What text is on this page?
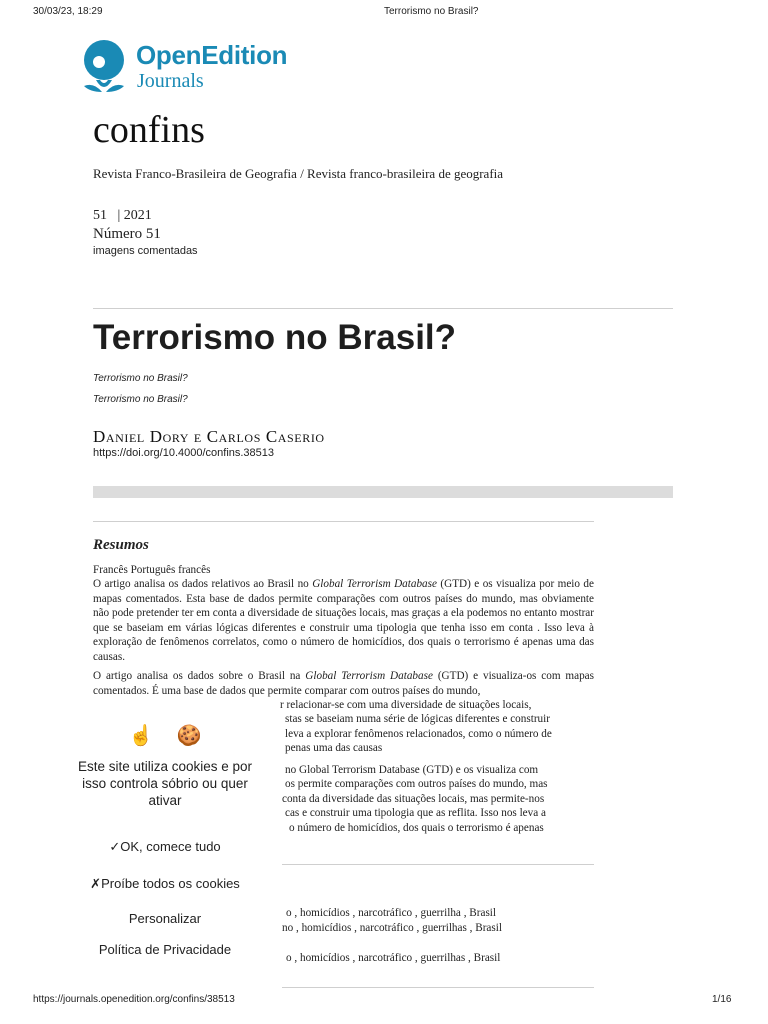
30/03/23, 18:29	Terrorismo no Brasil?
OpenEdition
Journals
confins
Revista Franco-Brasileira de Geografia / Revista franco-brasileira de geografia
51   | 2021
Número 51
imagens comentadas
Terrorismo no Brasil?
Terrorismo no Brasil?
Terrorismo no Brasil?
Daniel Dory e Carlos Caserio
https://doi.org/10.4000/confins.38513
Resumos
Francês Português francês
O artigo analisa os dados relativos ao Brasil no Global Terrorism Database (GTD) e os visualiza por meio de mapas comentados. Esta base de dados permite comparações com outros países do mundo, mas obviamente não pode pretender ter em conta a diversidade de situações locais, mas graças a ela podemos no entanto mostrar que se baseiam em várias lógicas diferentes e construir uma tipologia que tenha isso em conta . Isso leva à exploração de fenômenos correlatos, como o número de homicídios, dos quais o terrorismo é apenas uma das causas.
O artigo analisa os dados sobre o Brasil na Global Terrorism Database (GTD) e visualiza-os com mapas comentados. É uma base de dados que permite comparar com outros países do mundo,
r relacionar-se com uma diversidade de situações locais,
stas se baseiam numa série de lógicas diferentes e construir
leva a explorar fenômenos relacionados, como o número de
penas uma das causas
no Global Terrorism Database (GTD) e os visualiza com
os permite comparações com outros países do mundo, mas
conta da diversidade das situações locais, mas permite-nos
cas e construir uma tipologia que as reflita. Isso nos leva a
o número de homicídios, dos quais o terrorismo é apenas
o , homicídios , narcotráfico , guerrilha , Brasil
no , homicídios , narcotráfico , guerrilhas , Brasil
o , homicídios , narcotráfico , guerrilhas , Brasil
☝ 🍪
Este site utiliza cookies e por isso controla sóbrio ou quer ativar
✓OK, comece tudo
✗Proíbe todos os cookies
Personalizar
Política de Privacidade
https://journals.openedition.org/confins/38513	1/16
